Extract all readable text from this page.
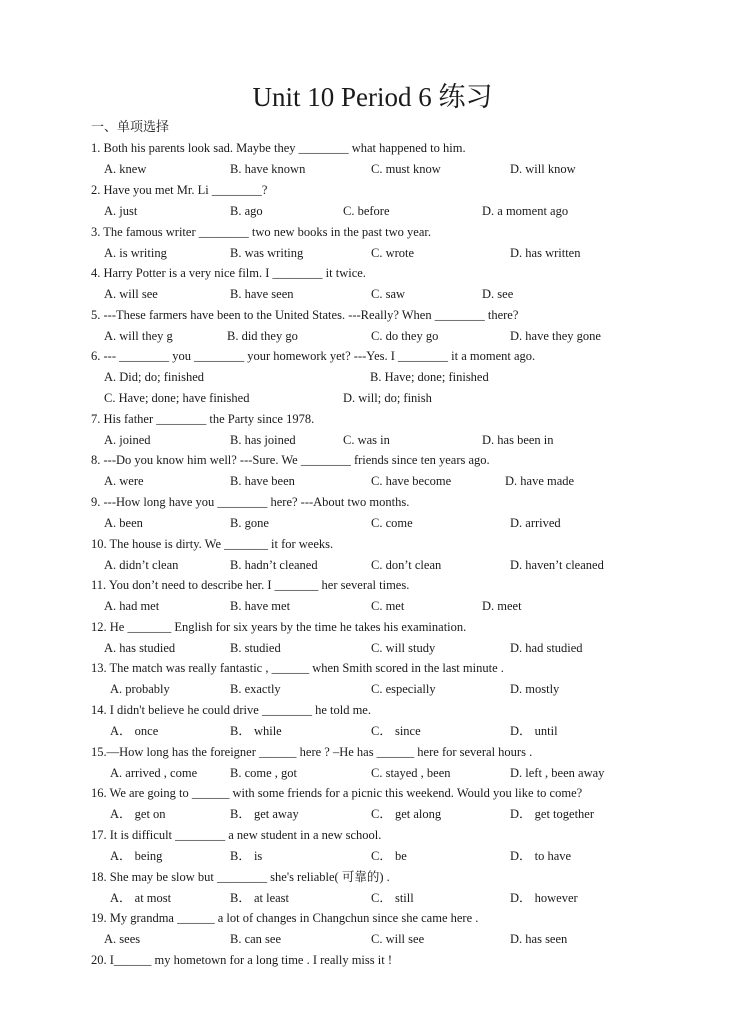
Unit 10 Period 6 练习
一、单项选择
1. Both his parents look sad. Maybe they ________ what happened to him.
A. knew	B. have known	C. must know	D. will know
2. Have you met Mr. Li ________?
A. just	B. ago	C. before	D. a moment ago
3. The famous writer ________ two new books in the past two year.
A. is writing	B. was writing	C. wrote	D. has written
4. Harry Potter is a very nice film. I ________ it twice.
A. will see	B. have seen	C. saw	D. see
5. ---These farmers have been to the United States. ---Really? When ________ there?
A. will they g	B. did they go	C. do they go	D. have they gone
6. --- ________ you ________ your homework yet? ---Yes. I ________ it a moment ago.
A. Did; do; finished	B. Have; done; finished
C. Have; done; have finished	D. will; do; finish
7. His father ________ the Party since 1978.
A. joined	B. has joined	C. was in	D. has been in
8. ---Do you know him well? ---Sure. We ________ friends since ten years ago.
A. were	B. have been	C. have become	D. have made
9. ---How long have you ________ here? ---About two months.
A. been	B. gone	C. come	D. arrived
10. The house is dirty. We _______ it for weeks.
A. didn’t clean	B. hadn’t cleaned	C. don’t clean	D. haven’t cleaned
11. You don’t need to describe her. I _______ her several times.
A. had met	B. have met	C. met	D. meet
12. He _______ English for six years by the time he takes his examination.
A. has studied	B. studied	C. will study	D. had studied
13. The match was really fantastic , ______ when Smith scored in the last minute .
A. probably	B. exactly	C. especially	D. mostly
14. I didn't believe he could drive ________ he told me.
A． once	B． while	C． since	D． until
15.—How long has the foreigner ______ here ? –He has ______ here for several hours .
A. arrived , come	B. come , got	C. stayed , been	D. left , been away
16. We are going to ______ with some friends for a picnic this weekend. Would you like to come?
A． get on	B． get away	C． get along	D． get together
17. It is difficult ________ a new student in a new school.
A． being	B． is	C． be	D． to have
18. She may be slow but ________ she's reliable( 可靠的) .
A． at most	B． at least	C． still	D． however
19. My grandma ______ a lot of changes in Changchun since she came here .
A. sees	B. can see	C. will see	D. has seen
20. I______ my hometown for a long time . I really miss it !
